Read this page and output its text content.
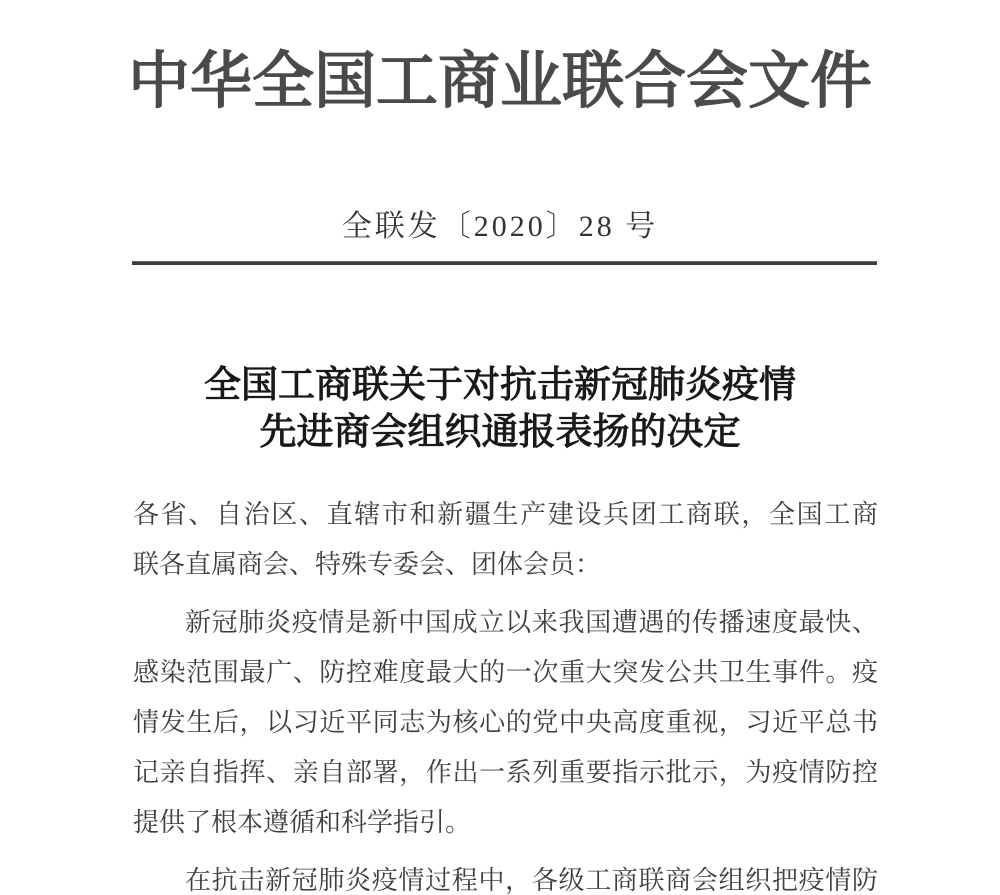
中华全国工商业联合会文件
全联发〔2020〕28 号
全国工商联关于对抗击新冠肺炎疫情
先进商会组织通报表扬的决定
各省、自治区、直辖市和新疆生产建设兵团工商联，全国工商
联各直属商会、特殊专委会、团体会员：
新冠肺炎疫情是新中国成立以来我国遭遇的传播速度最快、
感染范围最广、防控难度最大的一次重大突发公共卫生事件。疫
情发生后，以习近平同志为核心的党中央高度重视，习近平总书
记亲自指挥、亲自部署，作出一系列重要指示批示，为疫情防控
提供了根本遵循和科学指引。
在抗击新冠肺炎疫情过程中，各级工商联商会组织把疫情防
